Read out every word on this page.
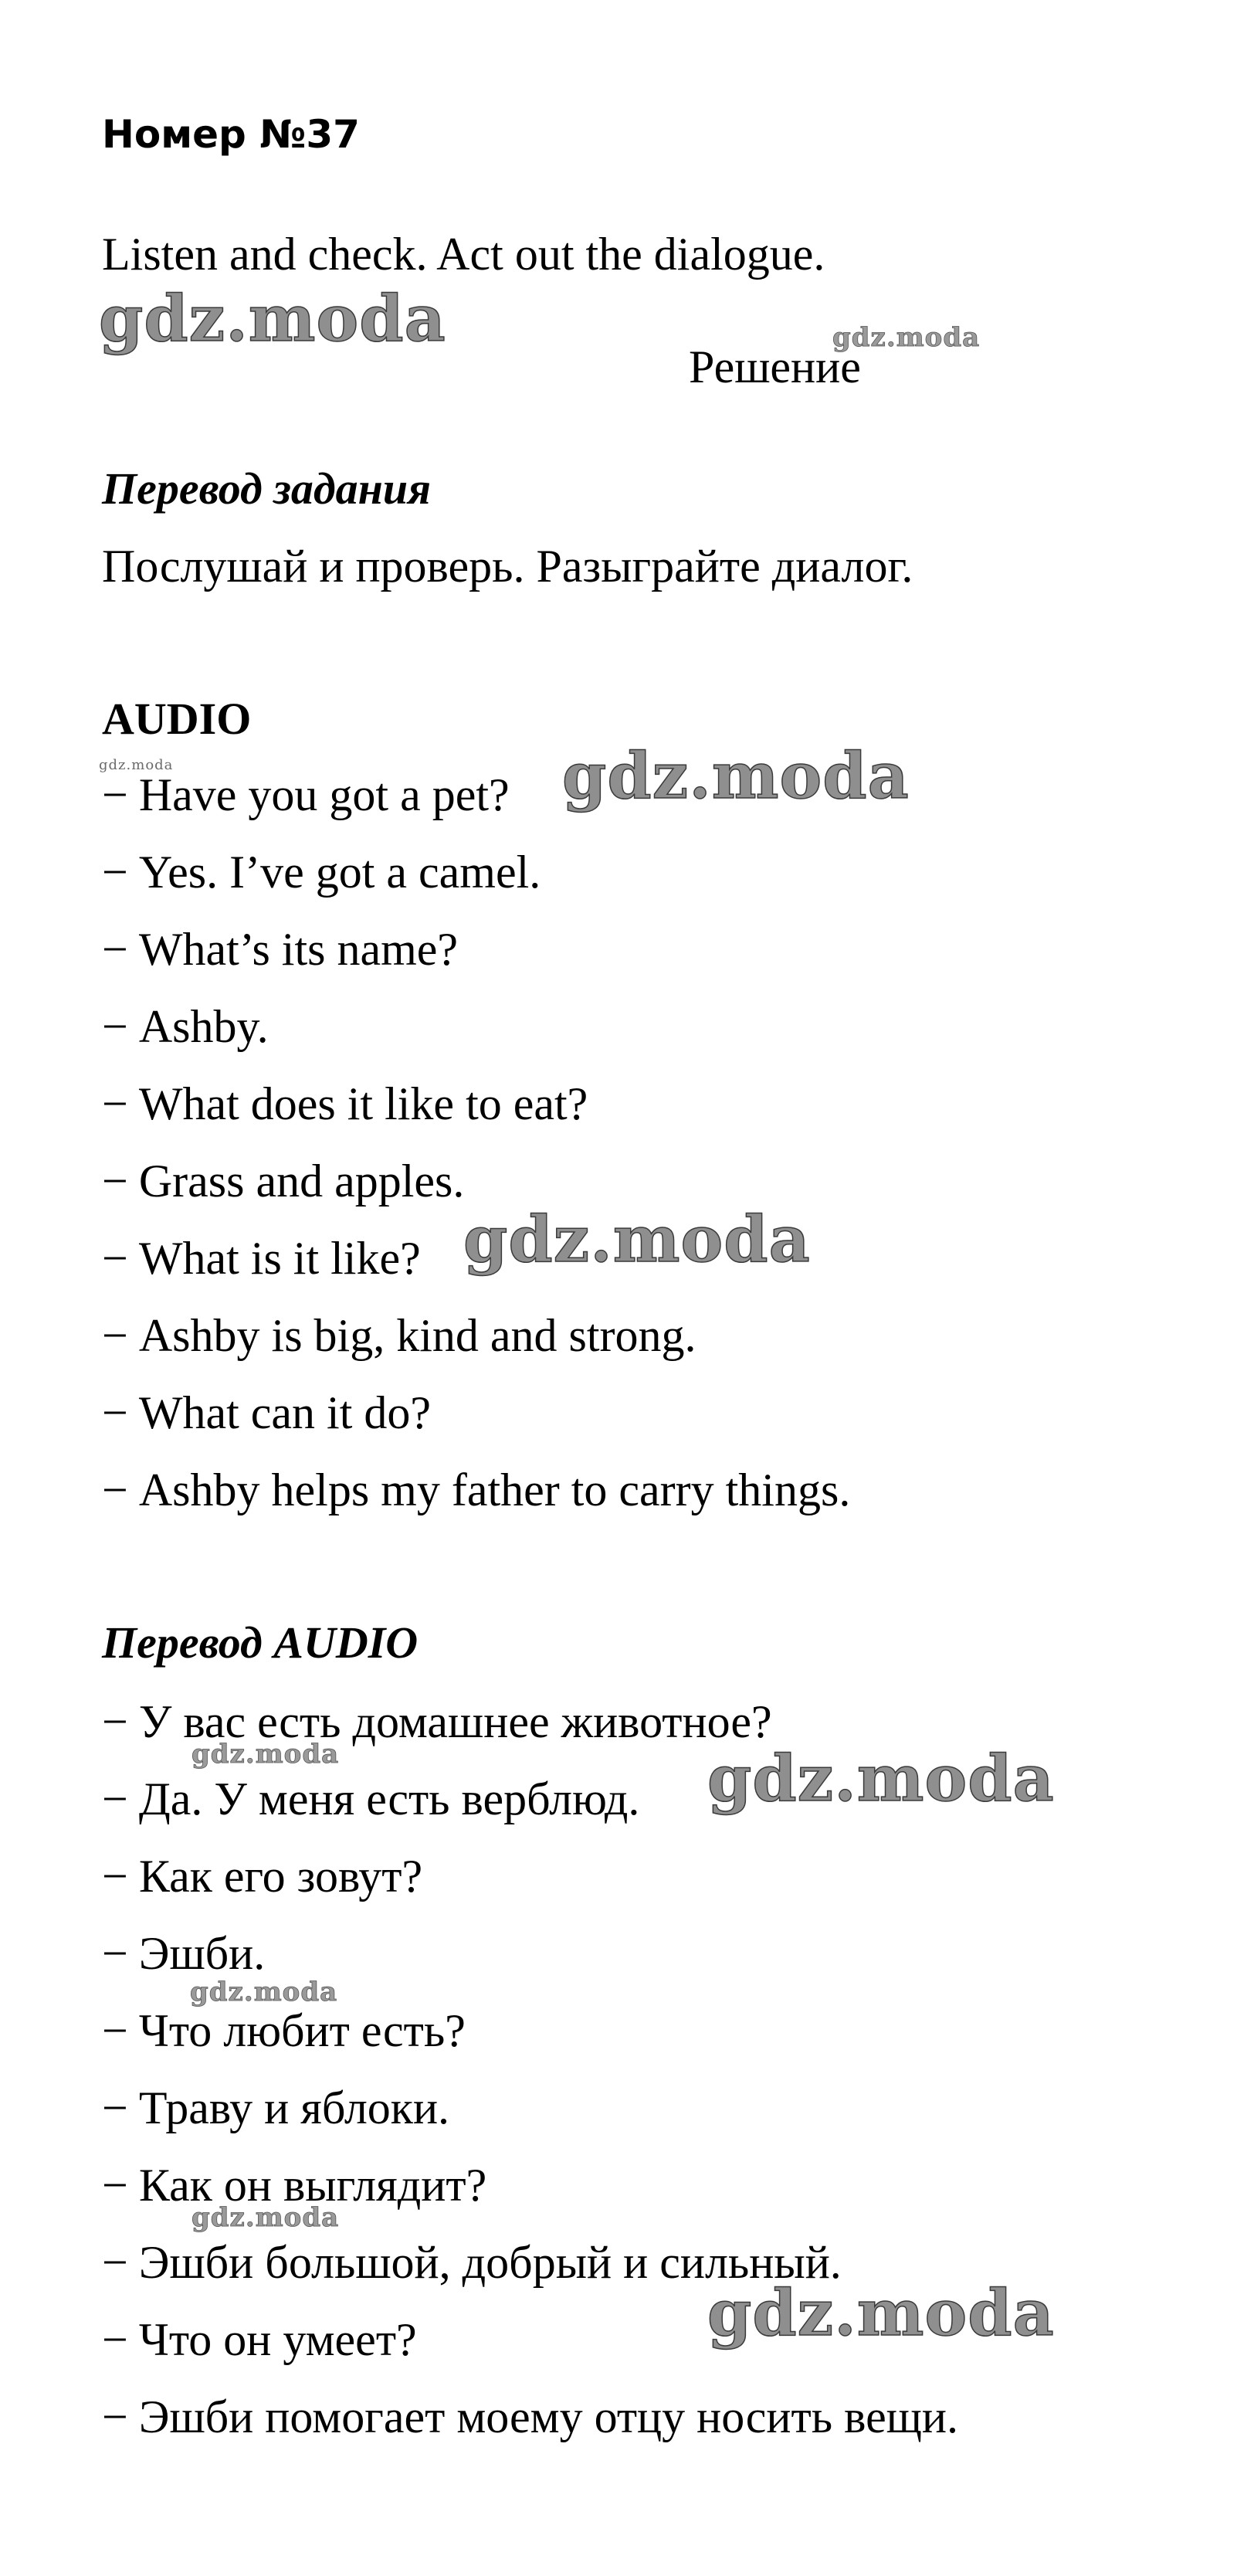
Номер №37
Listen and check. Act out the dialogue.
gdz.moda	gdz.moda
Решение
Перевод задания
Послушай и проверь. Разыграйте диалог.
AUDIO
gdz.moda
− Have you got a pet?
− Yes. I’ve got a camel.
− What’s its name?
− Ashby.
− What does it like to eat?
− Grass and apples.
− What is it like?
− Ashby is big, kind and strong.
− What can it do?
− Ashby helps my father to carry things.
gdz.moda
gdz.moda
Перевод AUDIO
− У вас есть домашнее животное?
− Да. У меня есть верблюд.
− Как его зовут?
− Эшби.
− Что любит есть?
− Траву и яблоки.
− Как он выглядит?
− Эшби большой, добрый и сильный.
− Что он умеет?
− Эшби помогает моему отцу носить вещи.
gdz.moda	gdz.moda
gdz.moda
gdz.moda
gdz.moda
